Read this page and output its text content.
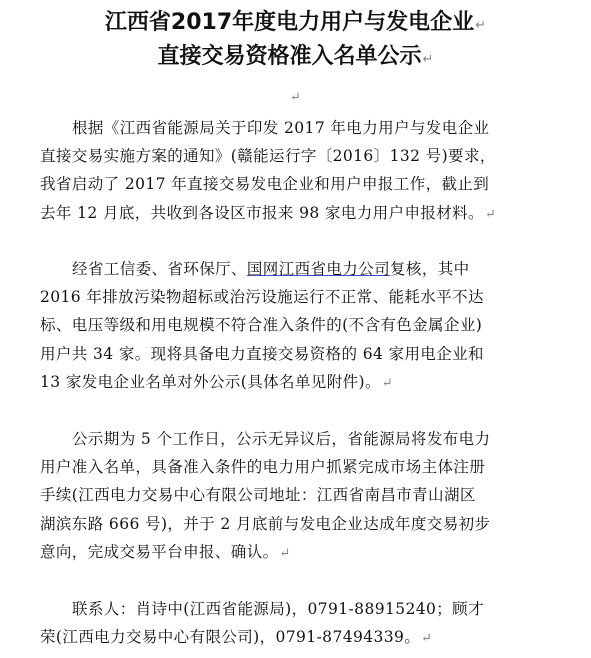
江西省2017年度电力用户与发电企业↵
直接交易资格准入名单公示↵
↵
根据《江西省能源局关于印发 2017 年电力用户与发电企业
直接交易实施方案的通知》(赣能运行字〔2016〕132 号)要求，
我省启动了 2017 年直接交易发电企业和用户申报工作，截止到
去年 12 月底，共收到各设区市报来 98 家电力用户申报材料。↵
经省工信委、省环保厅、国网江西省电力公司复核，其中
2016 年排放污染物超标或治污设施运行不正常、能耗水平不达
标、电压等级和用电规模不符合准入条件的(不含有色金属企业)
用户共 34 家。现将具备电力直接交易资格的 64 家用电企业和
13 家发电企业名单对外公示(具体名单见附件)。↵
公示期为 5 个工作日，公示无异议后，省能源局将发布电力
用户准入名单，具备准入条件的电力用户抓紧完成市场主体注册
手续(江西电力交易中心有限公司地址：江西省南昌市青山湖区
湖滨东路 666 号)，并于 2 月底前与发电企业达成年度交易初步
意向，完成交易平台申报、确认。↵
联系人：肖诗中(江西省能源局)，0791-88915240；顾才
荣(江西电力交易中心有限公司)，0791-87494339。↵
